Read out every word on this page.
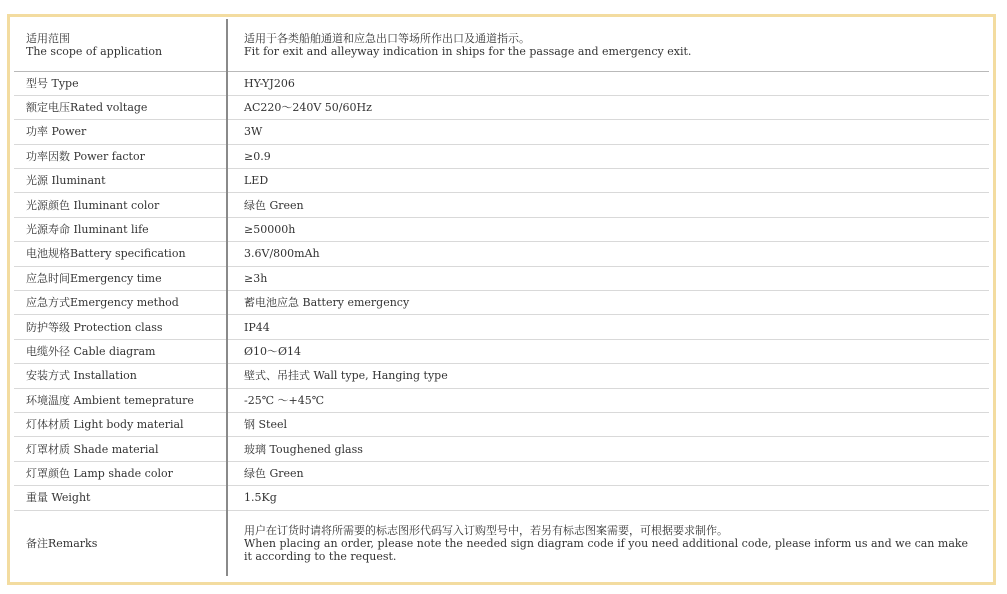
适用范围
The scope of application	适用于各类船舶通道和应急出口等场所作出口及通道指示。
Fit for exit and alleyway indication in ships for the passage and emergency exit.

型号 Type	HY-YJ206
额定电压Rated voltage	AC220～240V 50/60Hz
功率 Power	3W
功率因数 Power factor	≥0.9
光源 Iluminant	LED
光源颜色 Iluminant color	绿色 Green
光源寿命 Iluminant life	≥50000h
电池规格Battery specification	3.6V/800mAh
应急时间Emergency time	≥3h
应急方式Emergency method	蓄电池应急 Battery emergency
防护等级 Protection class	IP44
电缆外径 Cable diagram	Ø10～Ø14
安装方式 Installation	壁式、吊挂式 Wall type, Hanging type
环境温度 Ambient temeprature	-25℃ ～+45℃
灯体材质 Light body material	钢 Steel
灯罩材质 Shade material	玻璃 Toughened glass
灯罩颜色 Lamp shade color	绿色 Green
重量 Weight	1.5Kg
备注Remarks	用户在订货时请将所需要的标志图形代码写入订购型号中，若另有标志图案需要，可根据要求制作。
When placing an order, please note the needed sign diagram code if you need additional code, please inform us and we can make it according to the request.
